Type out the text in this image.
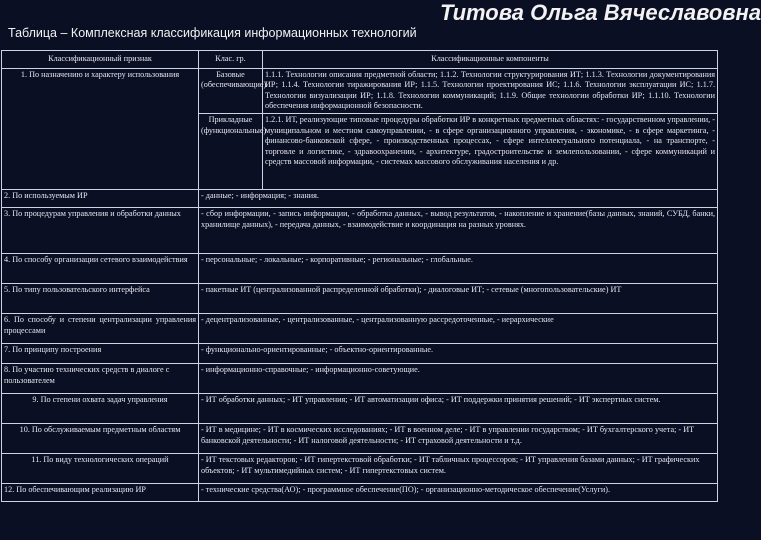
Титова Ольга Вячеславовна
Таблица – Комплексная классификация информационных технологий
Классификационный признак	Клас. гр.	Классификационные компоненты
1. По назначению и характеру использования	Базовые (обеспечивающие)	1.1.1. Технологии описания предметной области; 1.1.2. Технологии структурирования ИТ; 1.1.3. Технологии документирования ИР; 1.1.4. Технологии тиражирования ИР; 1.1.5. Технологии проектирования ИС; 1.1.6. Технологии эксплуатации ИС; 1.1.7. Технологии визуализации ИР; 1.1.8. Технологии коммуникаций; 1.1.9. Общие технологии обработки ИР; 1.1.10. Технологии обеспечения информационной безопасности.
	Прикладные (функциональные)	1.2.1. ИТ, реализующие типовые процедуры обработки ИР в конкретных предметных областях: - государственном управлении, - муниципальном и местном самоуправлении, - в сфере организационного управления, - экономике, - в сфере маркетинга, - финансово-банковской сфере, - производственных процессах, - сфере интеллектуального потенциала, - на транспорте, - торговле и логистике, - здравоохранении, - архитектуре, градостроительстве и землепользовании, - сфере коммуникаций и средств массовой информации, - системах массового обслуживания населения и др.
2. По используемым ИР	- данные; - информация; - знания.	
3. По процедурам управления и обработки данных	- сбор информации, - запись информации, - обработка данных, - вывод результатов, - накопление и хранение(базы данных, знаний, СУБД, банки, хранилище данных), - передача данных, - взаимодействие и координация на разных уровнях.	
4. По способу организации сетевого взаимодействия	- персональные; - локальные; - корпоративные; - региональные; - глобальные.	
5. По типу пользовательского интерфейса	- пакетные ИТ (централизованной распределенной обработки); - диалоговые ИТ; - сетевые (многопользовательские) ИТ	
6. По способу и степени централизации управления процессами	- децентрализованные, - централизованные, - централизованную рассредоточенные, - иерархические	
7. По принципу построения	- функционально-ориентированные; - объектно-ориентированные.	
8. По участию технических средств в диалоге с пользователем	- информационно-справочные; - информационно-советующие.	
9. По степени охвата задач управления	- ИТ обработки данных; - ИТ управления; - ИТ автоматизации офиса; - ИТ поддержки принятия решений; - ИТ экспертных систем.	
10. По обслуживаемым предметным областям	- ИТ в медицине; - ИТ в космических исследованиях; - ИТ в военном деле; - ИТ в управлении государством; - ИТ бухгалтерского учета; - ИТ банковской деятельности; - ИТ налоговой деятельности; - ИТ страховой деятельности и т.д.	
11. По виду технологических операций	- ИТ текстовых редакторов; - ИТ гипертекстовой обработки; - ИТ табличных процессоров; - ИТ управления базами данных; - ИТ графических объектов; - ИТ мультимедийных систем; - ИТ гипертекстовых систем.	
12. По обеспечивающим реализацию ИР	- технические средства(АО); - программное обеспечение(ПО); - организационно-методическое обеспечение(Услуги).	
